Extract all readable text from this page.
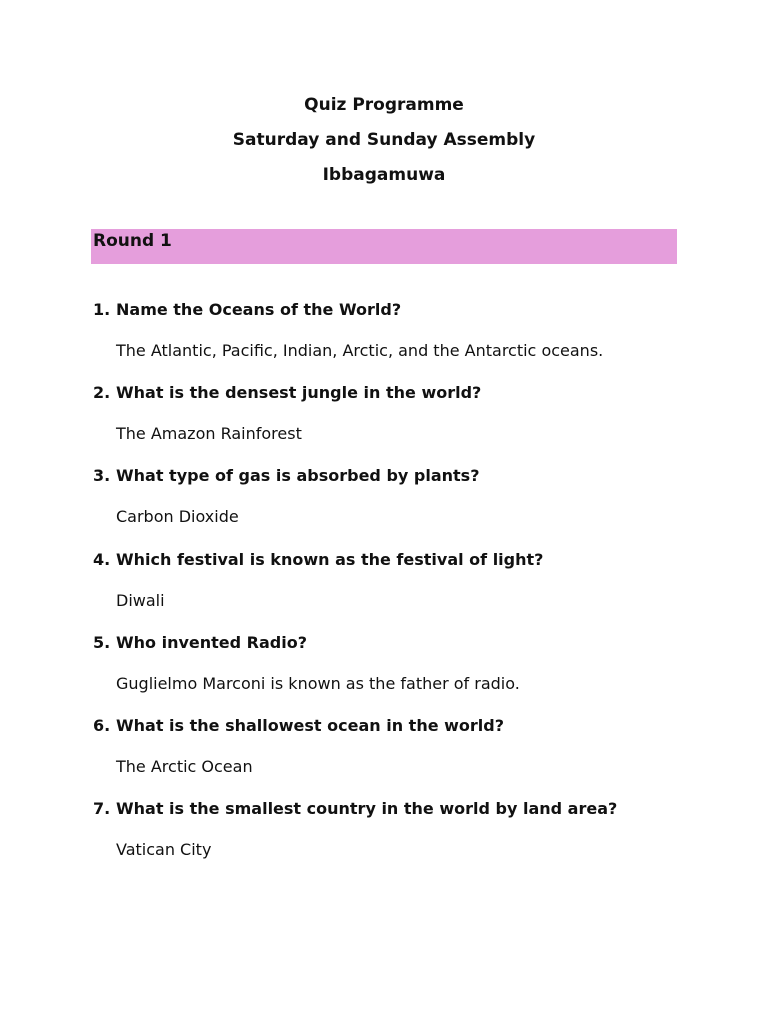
Quiz Programme
Saturday and Sunday Assembly
Ibbagamuwa
Round 1
1. Name the Oceans of the World?
The Atlantic, Pacific, Indian, Arctic, and the Antarctic oceans.
2. What is the densest jungle in the world?
The Amazon Rainforest
3. What type of gas is absorbed by plants?
Carbon Dioxide
4. Which festival is known as the festival of light?
Diwali
5. Who invented Radio?
Guglielmo Marconi is known as the father of radio.
6. What is the shallowest ocean in the world?
The Arctic Ocean
7. What is the smallest country in the world by land area?
Vatican City
